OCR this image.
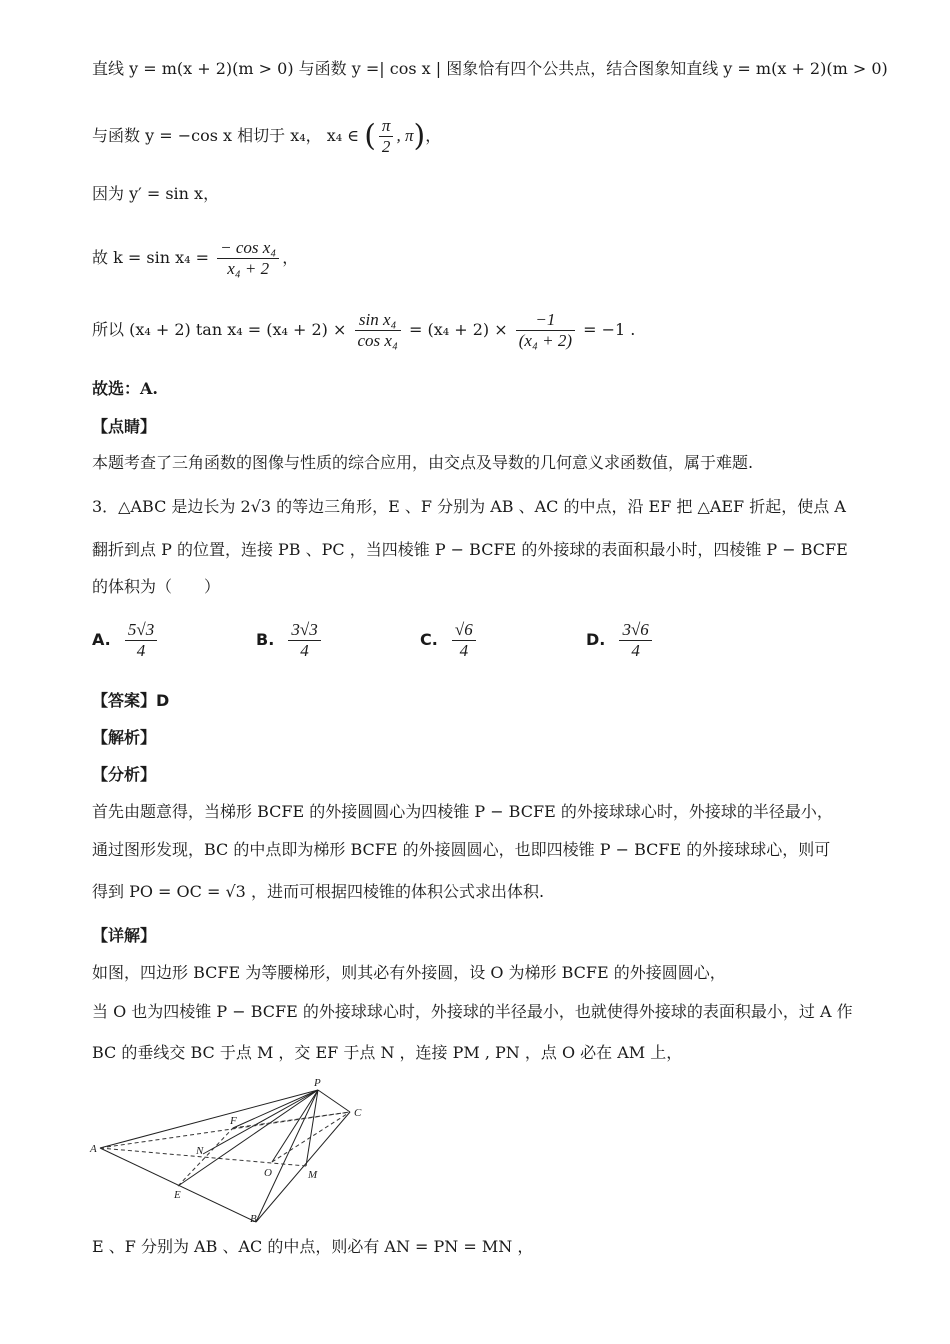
直线 y = m(x + 2)(m > 0) 与函数 y =| cos x | 图象恰有四个公共点，结合图象知直线 y = m(x + 2)(m > 0)
与函数 y = −cos x 相切于 x₄， x₄ ∈ ( $\frac{\pi}{2}$ , π)，
因为 y′ = sin x，
故 $k = \sin x_4 = \frac{\text{− cos x₄}}{\text{x₄ + 2}}$ ，
所以 (x₄ + 2) $\tan x_4 = (x_4 + 2) \times \frac{\text{sin x₄}}{\text{cos x₄}} = (x_4 + 2) \times \frac{-1}{\text{(x₄ + 2)}} = -1$ .
故选：A.
【点睛】
本题考查了三角函数的图像与性质的综合应用，由交点及导数的几何意义求函数值，属于难题.
3．△ABC 是边长为 2√3 的等边三角形，E 、F 分别为 AB 、AC 的中点，沿 EF 把 △AEF 折起，使点 A
翻折到点 P 的位置，连接 PB 、PC ，当四棱锥 P − BCFE 的外接球的表面积最小时，四棱锥 P − BCFE
的体积为（　　）
A. $\frac{5√3}{4}$	B. $\frac{3√3}{4}$	C. $\frac{√6}{4}$	D. $\frac{3√6}{4}$
【答案】D
【解析】
【分析】
首先由题意得，当梯形 BCFE 的外接圆圆心为四棱锥 P − BCFE 的外接球球心时，外接球的半径最小，
通过图形发现，BC 的中点即为梯形 BCFE 的外接圆圆心，也即四棱锥 P − BCFE 的外接球球心，则可
得到 PO = OC = √3 ，进而可根据四棱锥的体积公式求出体积.
【详解】
如图，四边形 BCFE 为等腰梯形，则其必有外接圆，设 O 为梯形 BCFE 的外接圆圆心，
当 O 也为四棱锥 P − BCFE 的外接球球心时，外接球的半径最小，也就使得外接球的表面积最小，过 A 作
BC 的垂线交 BC 于点 M ，交 EF 于点 N ，连接 PM , PN ，点 O 必在 AM 上，
P
C
F
A	N
O	M
E
B
E 、F 分别为 AB 、AC 的中点，则必有 AN = PN = MN ，
